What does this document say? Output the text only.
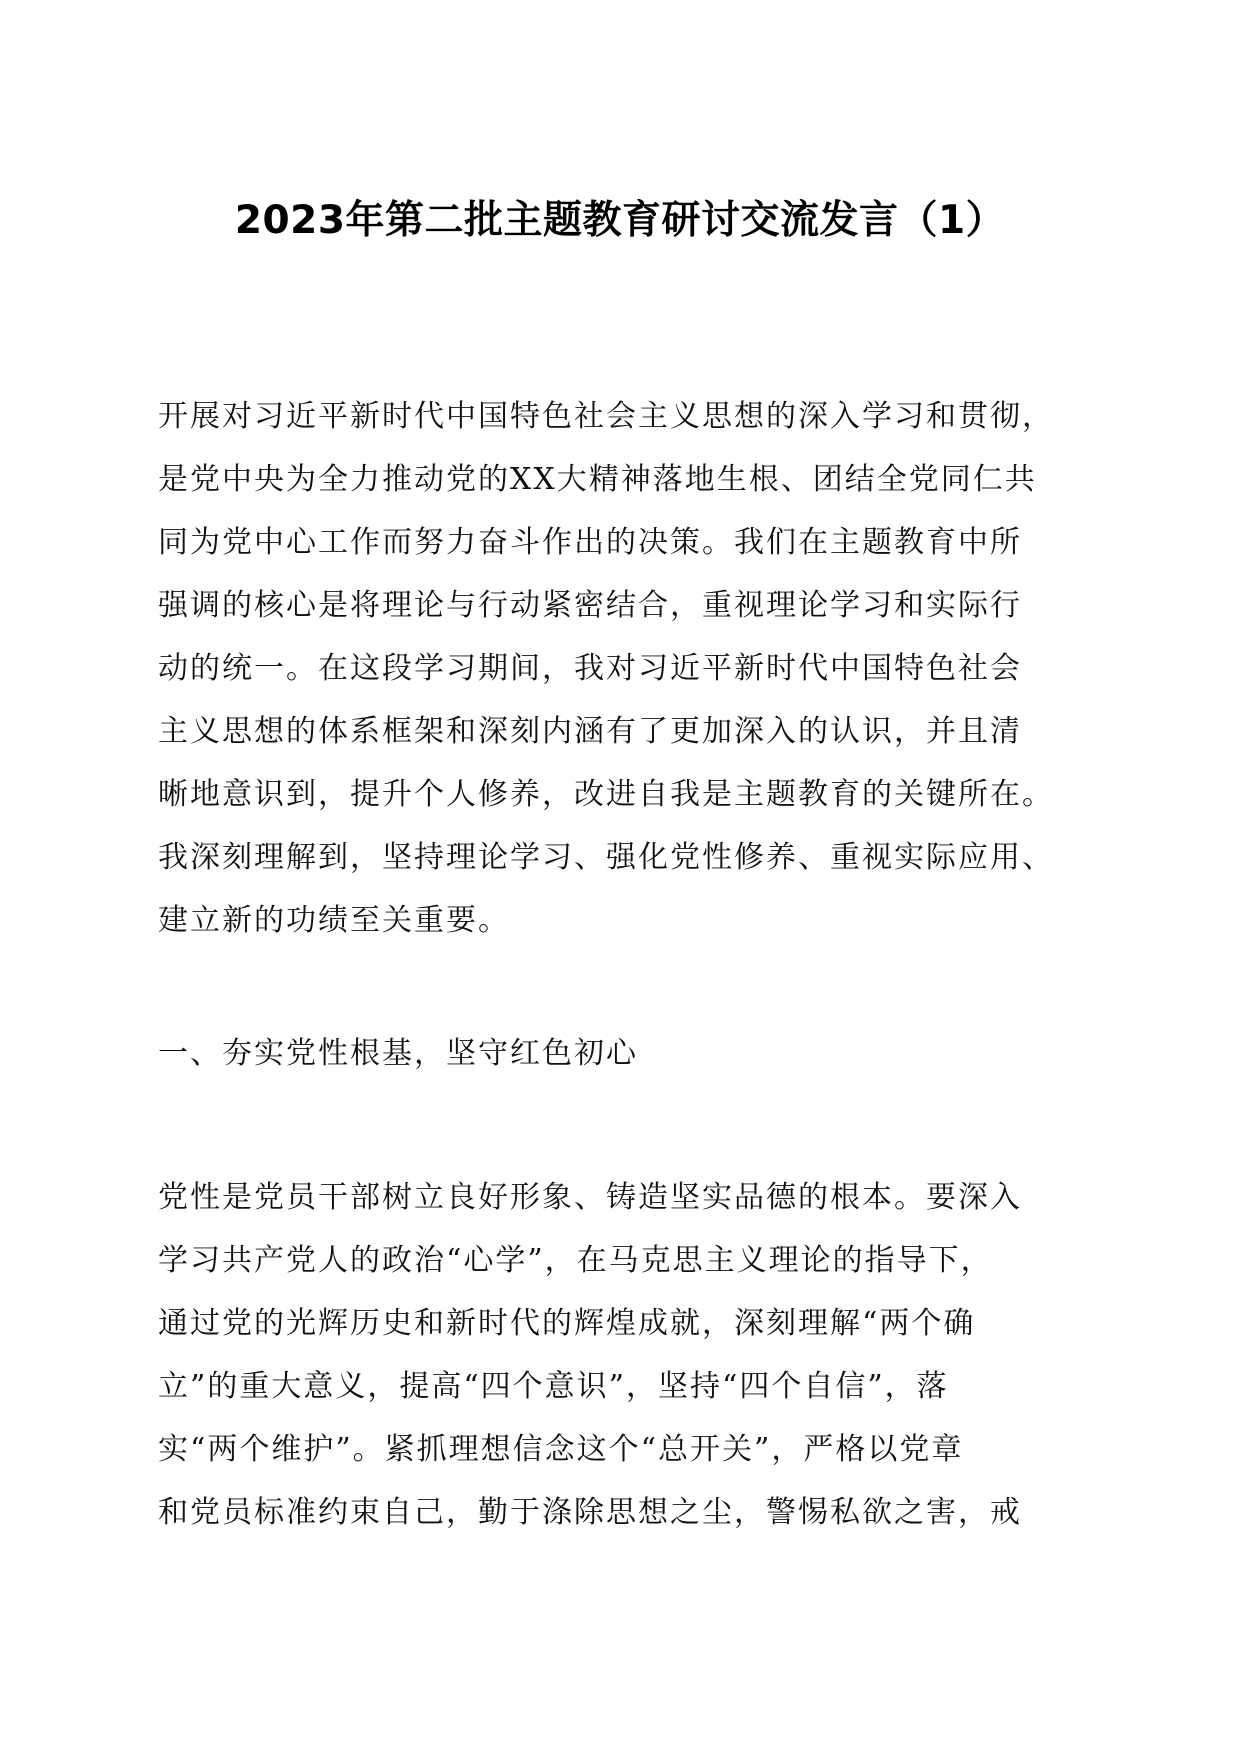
2023年第二批主题教育研讨交流发言（1）
开展对习近平新时代中国特色社会主义思想的深入学习和贯彻，
是党中央为全力推动党的XX大精神落地生根、团结全党同仁共
同为党中心工作而努力奋斗作出的决策。我们在主题教育中所
强调的核心是将理论与行动紧密结合，重视理论学习和实际行
动的统一。在这段学习期间，我对习近平新时代中国特色社会
主义思想的体系框架和深刻内涵有了更加深入的认识，并且清
晰地意识到，提升个人修养，改进自我是主题教育的关键所在。
我深刻理解到，坚持理论学习、强化党性修养、重视实际应用、
建立新的功绩至关重要。
一、夯实党性根基，坚守红色初心
党性是党员干部树立良好形象、铸造坚实品德的根本。要深入
学习共产党人的政治“心学”，在马克思主义理论的指导下，
通过党的光辉历史和新时代的辉煌成就，深刻理解“两个确
立”的重大意义，提高“四个意识”，坚持“四个自信”，落
实“两个维护”。紧抓理想信念这个“总开关”，严格以党章
和党员标准约束自己，勤于涤除思想之尘，警惕私欲之害，戒
